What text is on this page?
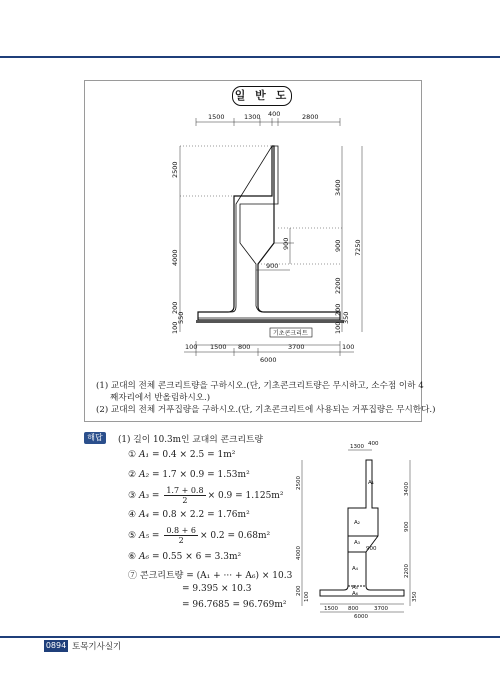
일 반 도
1500	1300 400	2800
2500
4000
200
550
100
3400
900
2200
200
350
100
7250
900
900
기초콘크리트
100 1500 800	3700	100
6000
(1) 교대의 전체 콘크리트량을 구하시오.(단, 기초콘크리트량은 무시하고, 소수점 이하 4
째자리에서 반올림하시오.)
(2) 교대의 전체 거푸집량을 구하시오.(단, 기초콘크리트에 사용되는 거푸집량은 무시한다.)
해답	(1) 길이 10.3m인 교대의 콘크리트량
① A₁ = 0.4 × 2.5 = 1m²
② A₂ = 1.7 × 0.9 = 1.53m²
③ $A_3 = \frac{1.7 + 0.8}{2} \times 0.9 = 1.125m^2$
④ A₄ = 0.8 × 2.2 = 1.76m²
⑤ $A_5 = \frac{0.8 + 6}{2} \times 0.2 = 0.68m^2$
⑥ A₆ = 0.55 × 6 = 3.3m²
⑦ 콘크리트량 = (A₁ + ··· + A₆) × 10.3
= 9.395 × 10.3
= 96.7685 = 96.769m²
1300 400
2500
4000
200
100
3400
900
2200
350
A₁
A₂
A₃
A₄
A₅
A₆
900
1500 800	3700
6000
0894 토목기사실기
